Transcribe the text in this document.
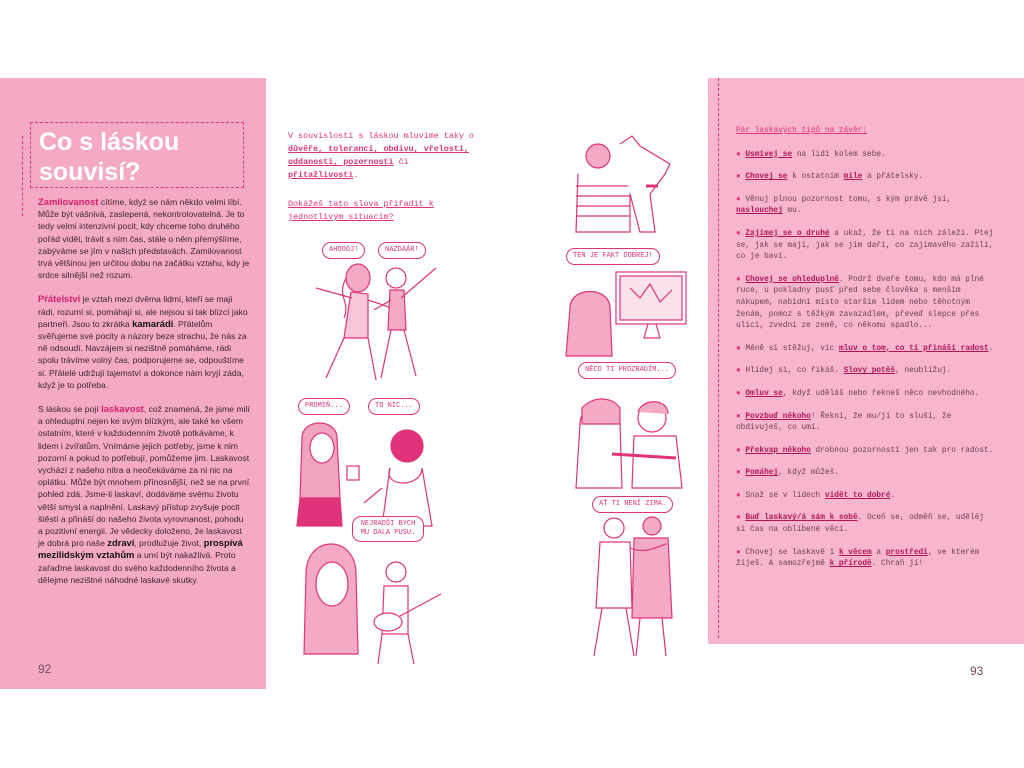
Co s láskou souvisí?

Zamilovanost cítíme, když se nám někdo velmi líbí. Může být vášnivá, zaslepená, nekontrolovatelná. Je to tedy velmi intenzivní pocit, kdy chceme toho druhého pořád vidět, trávit s ním čas, stále o něm přemýšlíme, zabýváme se jím v našich představách. Zamilovanost trvá většinou jen určitou dobu na začátku vztahu, kdy je srdce silnější než rozum.

Přátelství je vztah mezi dvěma lidmi, kteří se mají rádi, rozumí si, pomáhají si, ale nejsou si tak blízcí jako partneři. Jsou to zkrátka kamarádi. Přátelům svěřujeme své pocity a názory beze strachu, že nás za ně odsoudí. Navzájem si nezištně pomáháme, rádi spolu trávíme volný čas, podporujeme se, odpouštíme si. Přátelé udržují tajemství a dokonce nám kryjí záda, když je to potřeba.

S láskou se pojí laskavost, což znamená, že jsme milí a ohleduplní nejen ke svým blízkým, ale také ke všem ostatním, které v každodenním životě potkáváme, k lidem i zvířatům. Vnímáme jejich potřeby, jsme k nim pozorní a pokud to potřebují, pomůžeme jim. Laskavost vychází z našeho nitra a neočekáváme za ni nic na oplátku. Může být mnohem přínosnější, než se na první pohled zdá. Jsme-li laskaví, dodáváme svému životu větší smysl a naplnění. Laskavý přístup zvyšuje pocit štěstí a přináší do našeho života vyrovnanost, pohodu a pozitivní energii. Je vědecky doloženo, že laskavost je dobrá pro naše zdraví, prodlužuje život, prospívá mezilidským vztahům a umí být nakažlivá. Proto zařaďme laskavost do svého každodenního života a dělejme nezištné náhodné laskavé skutky.

92
V souvislosti s láskou mluvíme taky o důvěře, toleranci, obdivu, vřelosti, oddanosti, pozornosti či přitažlivosti.
Dokážeš tato slova přiřadit k jednotlivým situacím?
AHOOOJ!	NAZDÁÁR!
PROMIŇ...	TO NIC...
NEJRADŠI BYCH MU DALA PUSU.
TEN JE FAKT DOBREJ!
NĚCO TI PROZRADÍM...
AŤ TI NENÍ ZIMA.
Pár laskavých tipů na závěr:
● Usmívej se na lidi kolem sebe.
● Chovej se k ostatním mile a přátelsky.
● Věnuj plnou pozornost tomu, s kým právě jsi, naslouchej mu.
● Zajímej se o druhé a ukaž, že ti na nich záleží. Ptej se, jak se mají, jak se jim daří, co zajímavého zažili, co je baví.
● Chovej se ohleduplně. Podrž dveře tomu, kdo má plné ruce, u pokladny pusť před sebe člověka s menším nákupem, nabídni místo starším lidem nebo těhotným ženám, pomoz s těžkým zavazadlem, převeď slepce přes ulici, zvedni ze země, co někomu spadlo...
● Méně si stěžuj, víc mluv o tom, co ti přináší radost.
● Hlídej si, co říkáš. Slovy potěš, neubližuj.
● Omluv se, když uděláš nebo řekneš něco nevhodného.
● Povzbuď někoho! Řekni, že mu/jí to sluší, že obdivuješ, co umí.
● Překvap někoho drobnou pozorností jen tak pro radost.
● Pomáhej, když můžeš.
● Snaž se v lidech vidět to dobré.
● Buď laskavý/á sám k sobě. Oceň se, odměň se, uděléj si čas na oblíbené věci.
● Chovej se laskavě i k věcem a prostředí, ve kterém žiješ. A samozřejmě k přírodě. Chraň ji!
93
